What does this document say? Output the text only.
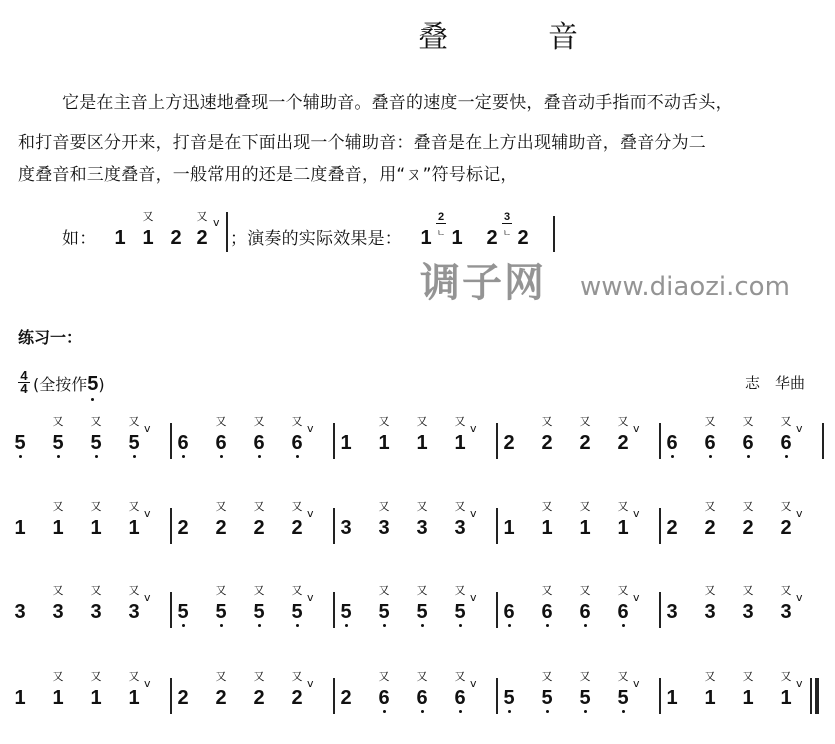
叠	音
它是在主音上方迅速地叠现一个辅助音。叠音的速度一定要快，叠音动手指而不动舌头，
和打音要区分开来，打音是在下面出现一个辅助音：叠音是在上方出现辅助音，叠音分为二
度叠音和三度叠音，一般常用的还是二度叠音，用“ㄡ”符号标记，
如：	；演奏的实际效果是：
练习一：
4
4 (全按作5
)	志　华曲
5 5
又
5
又
5
又
v
6 6
又
6
又
6
又
v
1 1
又
1
又
1
又
v
2 2
又
2
又
2
又
v
6 6
又
6
又
6
又
v
1 1
又
1
又
1
又
v
2 2
又
2
又
2
又
v
3 3
又
3
又
3
又
v
1 1
又
1
又
1
又
v
2 2
又
2
又
2
又
v
3 3
又
3
又
3
又
v
5 5
又
5
又
5
又
v
5 5
又
5
又
5
又
v
6 6
又
6
又
6
又
v
3 3
又
3
又
3
又
v
1 1
又
1
又
1
又
v
2 2
又
2
又
2
又
v
2 6
又
6
又
6
又
v
5 5
又
5
又
5
又
v
1 1
又
1
又
1
又
v
调子网 www.diaozi.com
1 1
又
2 2
又 v
1
2
ㄴ 1 2
3
ㄴ 2
